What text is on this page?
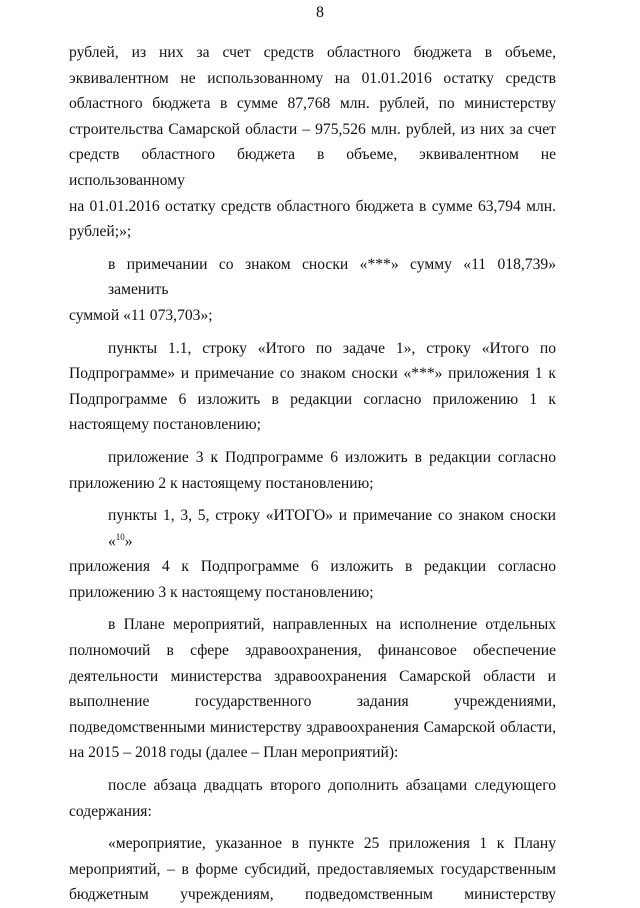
8

рублей, из них за счет средств областного бюджета в объеме,
эквивалентном не использованному на 01.01.2016 остатку средств
областного бюджета в сумме 87,768 млн. рублей, по министерству
строительства Самарской области – 975,526 млн. рублей, из них за счет
средств областного бюджета в объеме, эквивалентном не использованному
на 01.01.2016 остатку средств областного бюджета в сумме 63,794 млн.
рублей;»;

в примечании со знаком сноски «***» сумму «11 018,739» заменить
суммой «11 073,703»;

пункты 1.1, строку «Итого по задаче 1», строку «Итого по
Подпрограмме» и примечание со знаком сноски «***» приложения 1 к
Подпрограмме 6 изложить в редакции согласно приложению 1 к
настоящему постановлению;

приложение 3 к Подпрограмме 6 изложить в редакции согласно
приложению 2 к настоящему постановлению;

пункты 1, 3, 5, строку «ИТОГО» и примечание со знаком сноски «$^{10}$»
приложения 4 к Подпрограмме 6 изложить в редакции согласно
приложению 3 к настоящему постановлению;

в Плане мероприятий, направленных на исполнение отдельных
полномочий в сфере здравоохранения, финансовое обеспечение
деятельности министерства здравоохранения Самарской области и
выполнение государственного задания учреждениями,
подведомственными министерству здравоохранения Самарской области,
на 2015 – 2018 годы (далее – План мероприятий):

после абзаца двадцать второго дополнить абзацами следующего
содержания:

«мероприятие, указанное в пункте 25 приложения 1 к Плану
мероприятий, – в форме субсидий, предоставляемых государственным
бюджетным учреждениям, подведомственным министерству
